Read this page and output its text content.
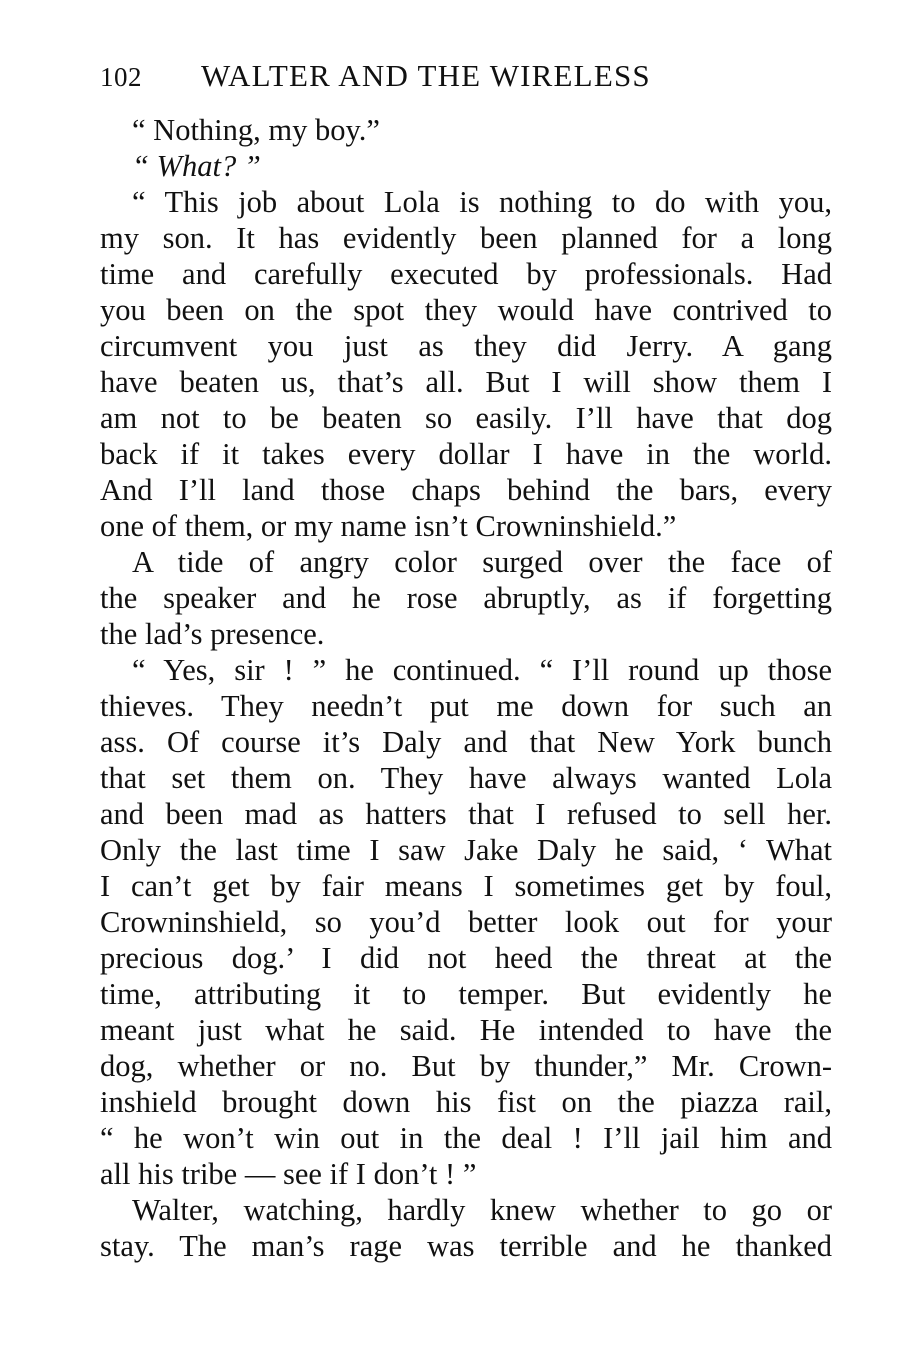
102 WALTER AND THE WIRELESS
“ Nothing, my boy.”
“ What? ”
“ This job about Lola is nothing to do with you,
my son. It has evidently been planned for a long
time and carefully executed by professionals. Had
you been on the spot they would have contrived to
circumvent you just as they did Jerry. A gang
have beaten us, that’s all. But I will show them I
am not to be beaten so easily. I’ll have that dog
back if it takes every dollar I have in the world.
And I’ll land those chaps behind the bars, every
one of them, or my name isn’t Crowninshield.”
A tide of angry color surged over the face of
the speaker and he rose abruptly, as if forgetting
the lad’s presence.
“ Yes, sir ! ” he continued. “ I’ll round up those
thieves. They needn’t put me down for such an
ass. Of course it’s Daly and that New York bunch
that set them on. They have always wanted Lola
and been mad as hatters that I refused to sell her.
Only the last time I saw Jake Daly he said, ‘ What
I can’t get by fair means I sometimes get by foul,
Crowninshield, so you’d better look out for your
precious dog.’ I did not heed the threat at the
time, attributing it to temper. But evidently he
meant just what he said. He intended to have the
dog, whether or no. But by thunder,” Mr. Crown-
inshield brought down his fist on the piazza rail,
“ he won’t win out in the deal ! I’ll jail him and
all his tribe — see if I don’t ! ”
Walter, watching, hardly knew whether to go or
stay. The man’s rage was terrible and he thanked
